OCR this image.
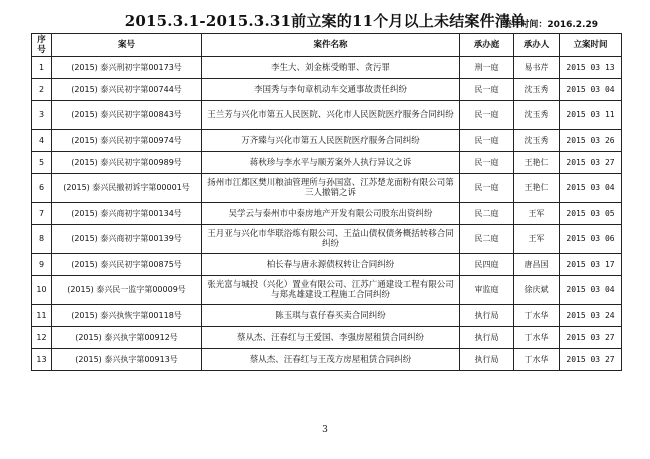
2015.3.1-2015.3.31前立案的11个月以上未结案件清单
统计时间：2016.2.29
序号	案号	案件名称	承办庭	承办人	立案时间
1	(2015) 泰兴刑初字第00173号	李生大、刘金栋受贿罪、贪污罪	刑一庭	易书芹	2015 03 13
2	(2015) 泰兴民初字第00744号	李国秀与李旬章机动车交通事故责任纠纷	民一庭	沈玉秀	2015 03 04
3	(2015) 泰兴民初字第00843号	王兰芳与兴化市第五人民医院、兴化市人民医院医疗服务合同纠纷	民一庭	沈玉秀	2015 03 11
4	(2015) 泰兴民初字第00974号	万齐臻与兴化市第五人民医院医疗服务合同纠纷	民一庭	沈玉秀	2015 03 26
5	(2015) 泰兴民初字第00989号	蒋秋珍与李水平与顺芳案外人执行异议之诉	民一庭	王艳仁	2015 03 27
6	(2015) 泰兴民撤初诉字第00001号	扬州市江都区樊川粮油管理所与孙国富、江苏楚龙面粉有限公司第三人撤销之诉	民一庭	王艳仁	2015 03 04
7	(2015) 泰兴商初字第00134号	吴学云与泰州市中泰房地产开发有限公司股东出资纠纷	民二庭	王军	2015 03 05
8	(2015) 泰兴商初字第00139号	王月亚与兴化市华联浴炼有限公司、王益山债权债务概括转移合同纠纷	民二庭	王军	2015 03 06
9	(2015) 泰兴民初字第00875号	柏长春与唐永源债权转让合同纠纷	民四庭	唐昌国	2015 03 17
10	(2015) 泰兴民一监字第00009号	张光富与城投（兴化）置业有限公司、江苏广通建设工程有限公司与郑兆雄建设工程施工合同纠纷	审监庭	徐庆斌	2015 03 04
11	(2015) 泰兴执恢字第00118号	陈玉琪与袁仔春买卖合同纠纷	执行局	丁水华	2015 03 24
12	(2015) 泰兴执字第00912号	蔡从杰、汪春红与王爱国、李强房屋租赁合同纠纷	执行局	丁水华	2015 03 27
13	(2015) 泰兴执字第00913号	蔡从杰、汪春红与王茂方房屋租赁合同纠纷	执行局	丁水华	2015 03 27
3
